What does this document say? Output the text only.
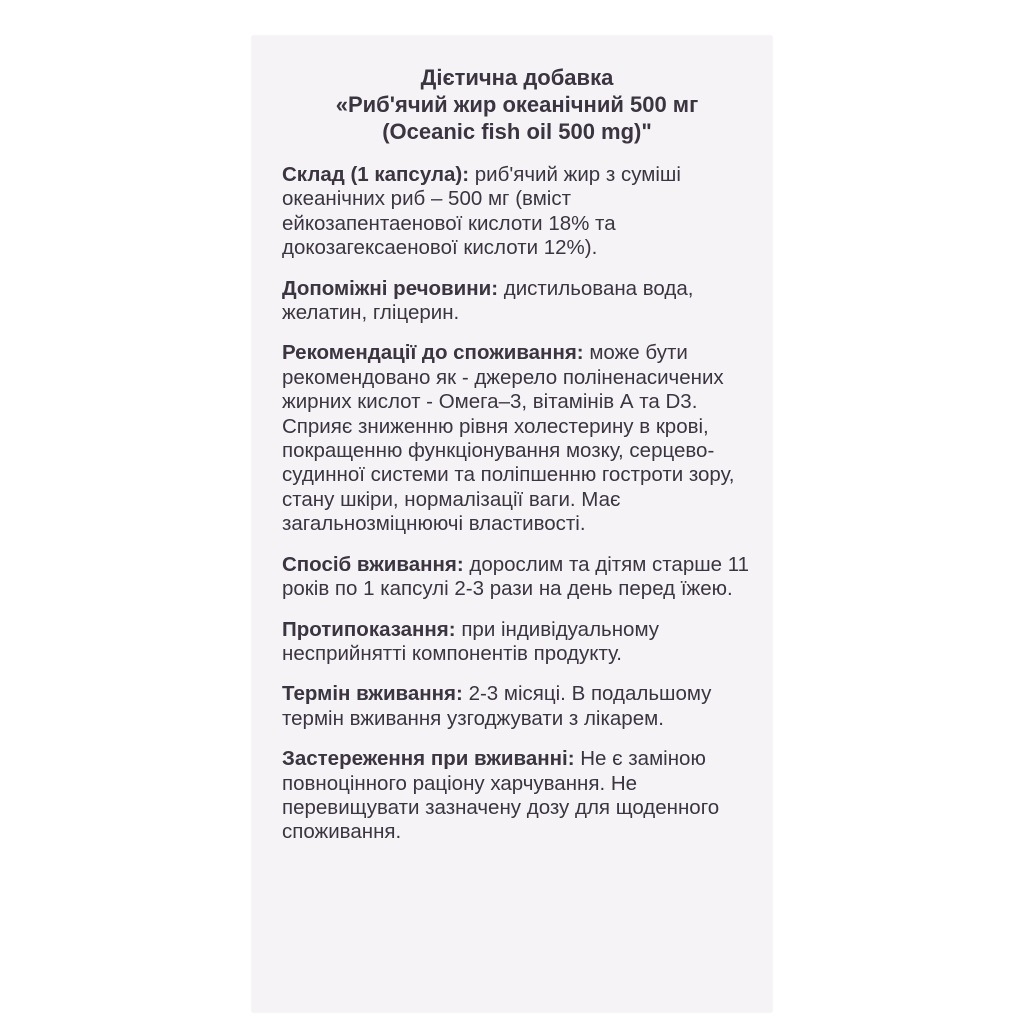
Дієтична добавка
«Риб'ячий жир океанічний 500 мг
(Oceanic fish oil 500 mg)"
Склад (1 капсула): риб'ячий жир з суміші океанічних риб – 500 мг (вміст ейкозапентаенової кислоти 18% та докозагексаенової кислоти 12%).
Допоміжні речовини: дистильована вода, желатин, гліцерин.
Рекомендації до споживання: може бути рекомендовано як - джерело поліненасичених жирних кислот - Омега–3, вітамінів А та D3. Сприяє зниженню рівня холестерину в крові, покращенню функціонування мозку, серцево-судинної системи та поліпшенню гостроти зору, стану шкіри, нормалізації ваги. Має загальнозміцнюючі властивості.
Спосіб вживання: дорослим та дітям старше 11 років по 1 капсулі 2-3 рази на день перед їжею.
Протипоказання: при індивідуальному несприйнятті компонентів продукту.
Термін вживання: 2-3 місяці. В подальшому термін вживання узгоджувати з лікарем.
Застереження при вживанні: Не є заміною повноцінного раціону харчування. Не перевищувати зазначену дозу для щоденного споживання.
